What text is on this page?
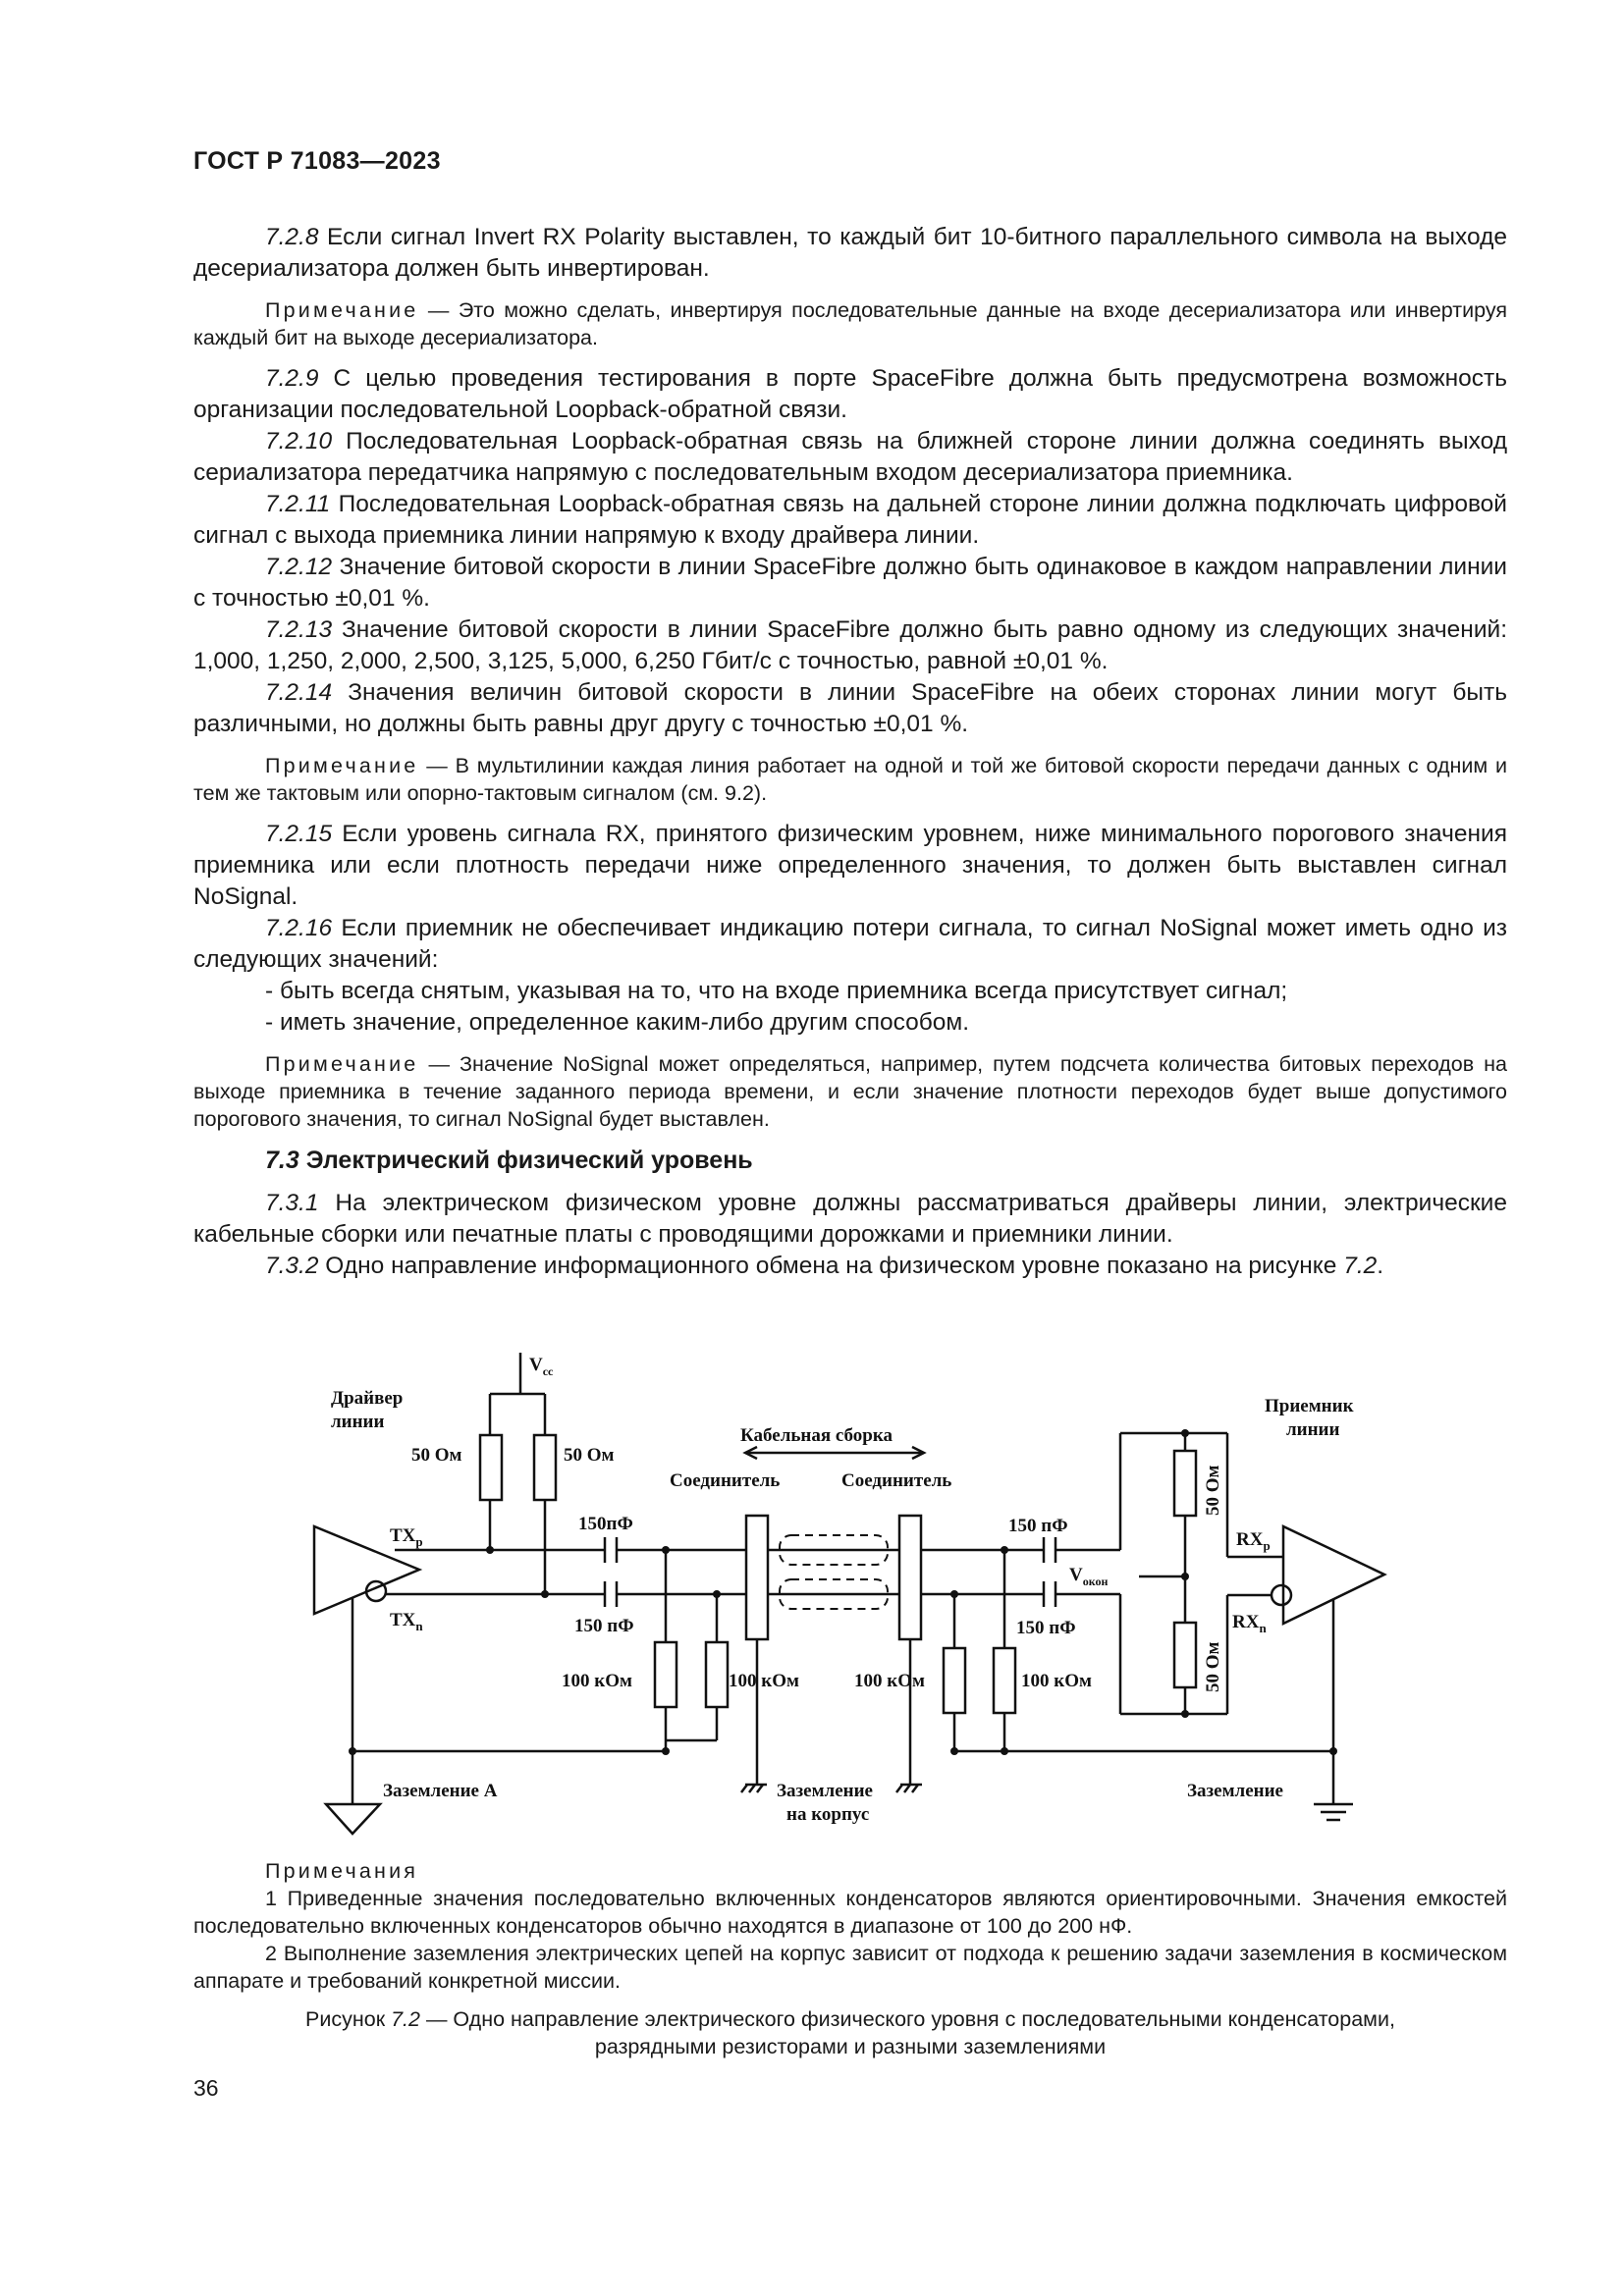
ГОСТ Р 71083—2023

7.2.8 Если сигнал Invert RX Polarity выставлен, то каждый бит 10-битного параллельного символа на выходе десериализатора должен быть инвертирован.

Примечание — Это можно сделать, инвертируя последовательные данные на входе десериализатора или инвертируя каждый бит на выходе десериализатора.

7.2.9 С целью проведения тестирования в порте SpaceFibre должна быть предусмотрена возможность организации последовательной Loopback-обратной связи.

7.2.10 Последовательная Loopback-обратная связь на ближней стороне линии должна соединять выход сериализатора передатчика напрямую с последовательным входом десериализатора приемника.

7.2.11 Последовательная Loopback-обратная связь на дальней стороне линии должна подключать цифровой сигнал с выхода приемника линии напрямую к входу драйвера линии.

7.2.12 Значение битовой скорости в линии SpaceFibre должно быть одинаковое в каждом направлении линии с точностью ±0,01 %.

7.2.13 Значение битовой скорости в линии SpaceFibre должно быть равно одному из следующих значений: 1,000, 1,250, 2,000, 2,500, 3,125, 5,000, 6,250 Гбит/с с точностью, равной ±0,01 %.

7.2.14 Значения величин битовой скорости в линии SpaceFibre на обеих сторонах линии могут быть различными, но должны быть равны друг другу с точностью ±0,01 %.

Примечание — В мультилинии каждая линия работает на одной и той же битовой скорости передачи данных с одним и тем же тактовым или опорно-тактовым сигналом (см. 9.2).

7.2.15 Если уровень сигнала RX, принятого физическим уровнем, ниже минимального порогового значения приемника или если плотность передачи ниже определенного значения, то должен быть выставлен сигнал NoSignal.

7.2.16 Если приемник не обеспечивает индикацию потери сигнала, то сигнал NoSignal может иметь одно из следующих значений:

- быть всегда снятым, указывая на то, что на входе приемника всегда присутствует сигнал;

- иметь значение, определенное каким-либо другим способом.

Примечание — Значение NoSignal может определяться, например, путем подсчета количества битовых переходов на выходе приемника в течение заданного периода времени, и если значение плотности переходов будет выше допустимого порогового значения, то сигнал NoSignal будет выставлен.

7.3 Электрический физический уровень

7.3.1 На электрическом физическом уровне должны рассматриваться драйверы линии, электрические кабельные сборки или печатные платы с проводящими дорожками и приемники линии.

7.3.2 Одно направление информационного обмена на физическом уровне показано на рисунке 7.2.

$V_{cc}$
Драйвер
линии
50 Ом	50 Ом
Кабельная сборка
Соединитель	Соединитель
150пФ
150 пФ
150 пФ
150 пФ
$TX_p$
$TX_n$
$RX_p$
$RX_n$
$V_{окон}$
100 кОм	100 кОм	100 кОм	100 кОм
Приемник
линии
50 Ом
50 Ом
Заземление А	Заземление
на корпус
Заземление

Примечания

1 Приведенные значения последовательно включенных конденсаторов являются ориентировочными. Значения емкостей последовательно включенных конденсаторов обычно находятся в диапазоне от 100 до 200 нФ.

2 Выполнение заземления электрических цепей на корпус зависит от подхода к решению задачи заземления в космическом аппарате и требований конкретной миссии.

Рисунок 7.2 — Одно направление электрического физического уровня с последовательными конденсаторами,
разрядными резисторами и разными заземлениями
36
